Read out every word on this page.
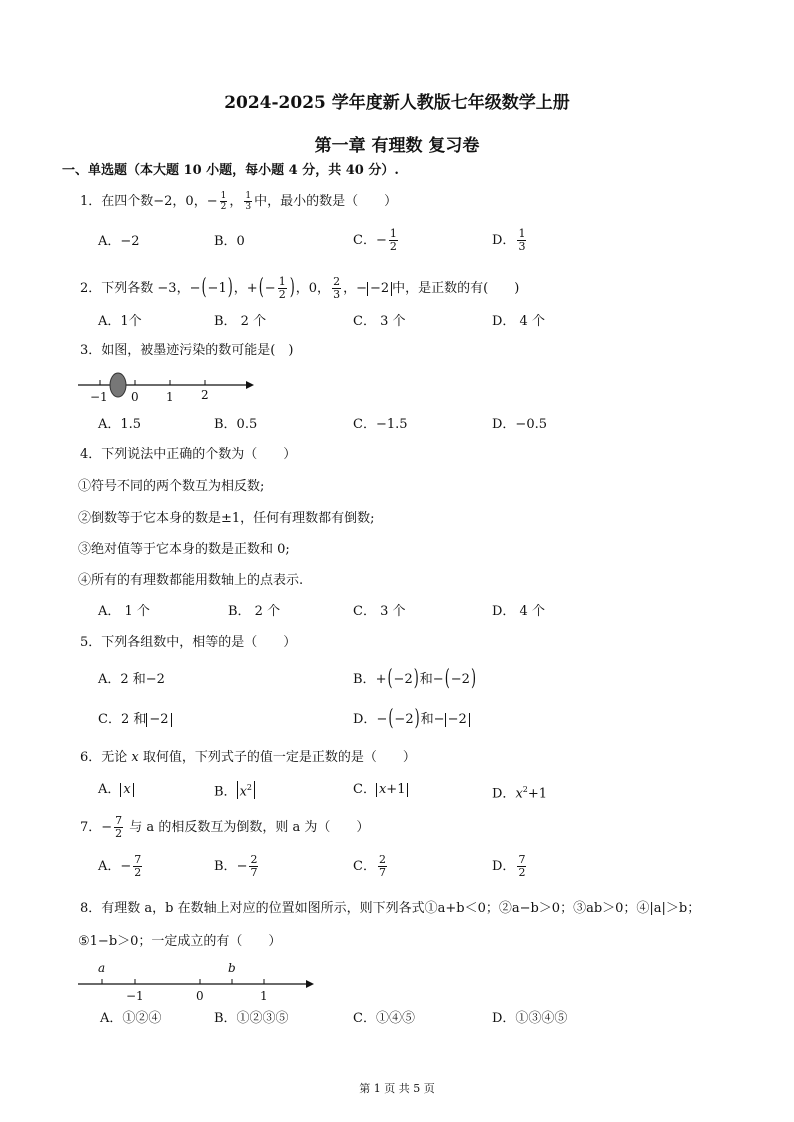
2024-2025 学年度新人教版七年级数学上册
第一章 有理数 复习卷
一、单选题（本大题 10 小题，每小题 4 分，共 40 分）.
1．在四个数−2，0，− $\frac{1}{2}$ ， $\frac{1}{3}$ 中，最小的数是（　　）
A．−2	B．0	C．− $\frac{1}{2}$	D． $\frac{1}{3}$
2．下列各数 −3，−(−1)，+(− $\frac{1}{2}$ )，0， $\frac{2}{3}$ ，− −2 中，是正数的有(　　)
A．1个	B． 2 个	C． 3 个	D． 4 个
3．如图，被墨迹污染的数可能是(　)
−1 0 1 2
A．1.5	B．0.5	C．−1.5	D．−0.5
4．下列说法中正确的个数为（　　）
①符号不同的两个数互为相反数;
②倒数等于它本身的数是±1，任何有理数都有倒数;
③绝对值等于它本身的数是正数和 0;
④所有的有理数都能用数轴上的点表示.
A． 1 个	B． 2 个	C． 3 个	D． 4 个
5．下列各组数中，相等的是（　　）
A．2 和−2	B．+(−2)和−(−2)
C．2 和 −2	D．−(−2)和− −2
6．无论 x 取何值，下列式子的值一定是正数的是（　　）
A． x	B． $x^2$	C． x+1	D．$x^2+1$
7．− $\frac{7}{2}$ 与 a 的相反数互为倒数，则 a 为（　　）
A．− $\frac{7}{2}$	B．− $\frac{2}{7}$	C． $\frac{2}{7}$	D． $\frac{7}{2}$
8．有理数 a，b 在数轴上对应的位置如图所示，则下列各式①a+b＜0；②a−b＞0；③ab＞0；④|a|＞b；
⑤1−b＞0；一定成立的有（　　）
a	b
−1	0	1
A．①②④	B．①②③⑤	C．①④⑤	D．①③④⑤
第 1 页 共 5 页
